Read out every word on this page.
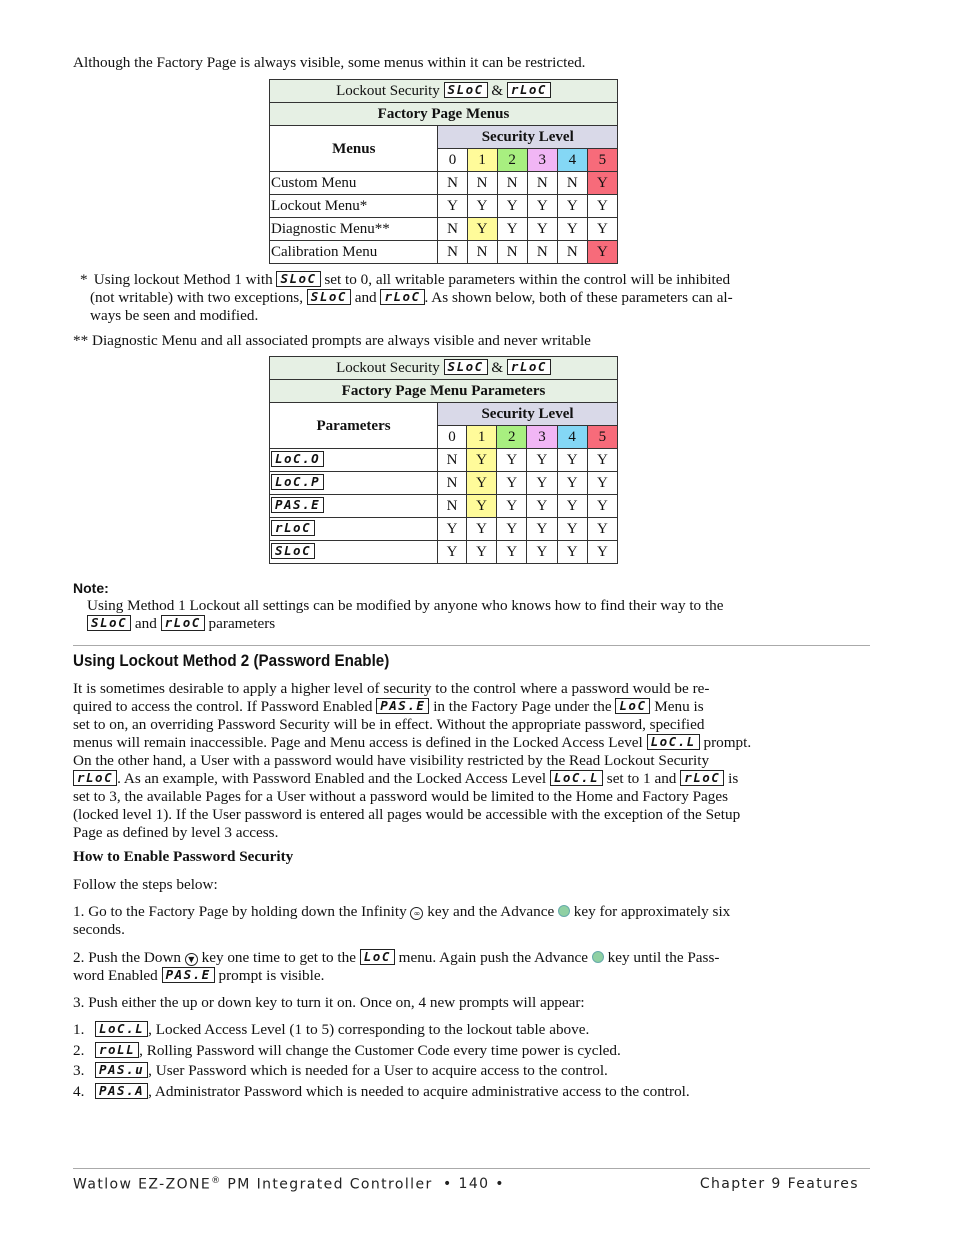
Although the Factory Page is always visible, some menus within it can be restricted.

Lockout Security SLoC & rLoC						
Factory Page Menus						
Menus	Security Level					
	0	1	2	3	4	5
Custom Menu	N	N	N	N	N	Y
Lockout Menu*	Y	Y	Y	Y	Y	Y
Diagnostic Menu**	N	Y	Y	Y	Y	Y
Calibration Menu	N	N	N	N	N	Y
* Using lockout Method 1 with SLoC set to 0, all writable parameters within the control will be inhibited
(not writable) with two exceptions, SLoC and rLoC . As shown below, both of these parameters can al-
ways be seen and modified.

** Diagnostic Menu and all associated prompts are always visible and never writable

Lockout Security SLoC & rLoC						
Factory Page Menu Parameters						
Parameters	Security Level					
	0	1	2	3	4	5
LoC.O	N	Y	Y	Y	Y	Y
LoC.P	N	Y	Y	Y	Y	Y
PAS.E	N	Y	Y	Y	Y	Y
rLoC	Y	Y	Y	Y	Y	Y
SLoC	Y	Y	Y	Y	Y	Y
Note:
Using Method 1 Lockout all settings can be modified by anyone who knows how to find their way to the
SLoC and rLoC parameters
Using Lockout Method 2 (Password Enable)
It is sometimes desirable to apply a higher level of security to the control where a password would be re-
quired to access the control. If Password Enabled PAS.E in the Factory Page under the LoC Menu is
set to on, an overriding Password Security will be in effect. Without the appropriate password, specified
menus will remain inaccessible. Page and Menu access is defined in the Locked Access Level LoC.L prompt.
On the other hand, a User with a password would have visibility restricted by the Read Lockout Security
rLoC . As an example, with Password Enabled and the Locked Access Level LoC.L set to 1 and rLoC is
set to 3, the available Pages for a User without a password would be limited to the Home and Factory Pages
(locked level 1). If the User password is entered all pages would be accessible with the exception of the Setup
Page as defined by level 3 access.

How to Enable Password Security

Follow the steps below:

1. Go to the Factory Page by holding down the Infinity ∞ key and the Advance key for approximately six
seconds.
2. Push the Down ▼ key one time to get to the LoC menu. Again push the Advance key until the Pass-
word Enabled PAS.E prompt is visible.

3. Push either the up or down key to turn it on. Once on, 4 new prompts will appear:

1. LoC.L , Locked Access Level (1 to 5) corresponding to the lockout table above.
2. roLL , Rolling Password will change the Customer Code every time power is cycled.
3. PAS.u , User Password which is needed for a User to acquire access to the control.
4. PAS.A , Administrator Password which is needed to acquire administrative access to the control.
Watlow EZ-ZONE® PM Integrated Controller • 140 •	Chapter 9 Features
